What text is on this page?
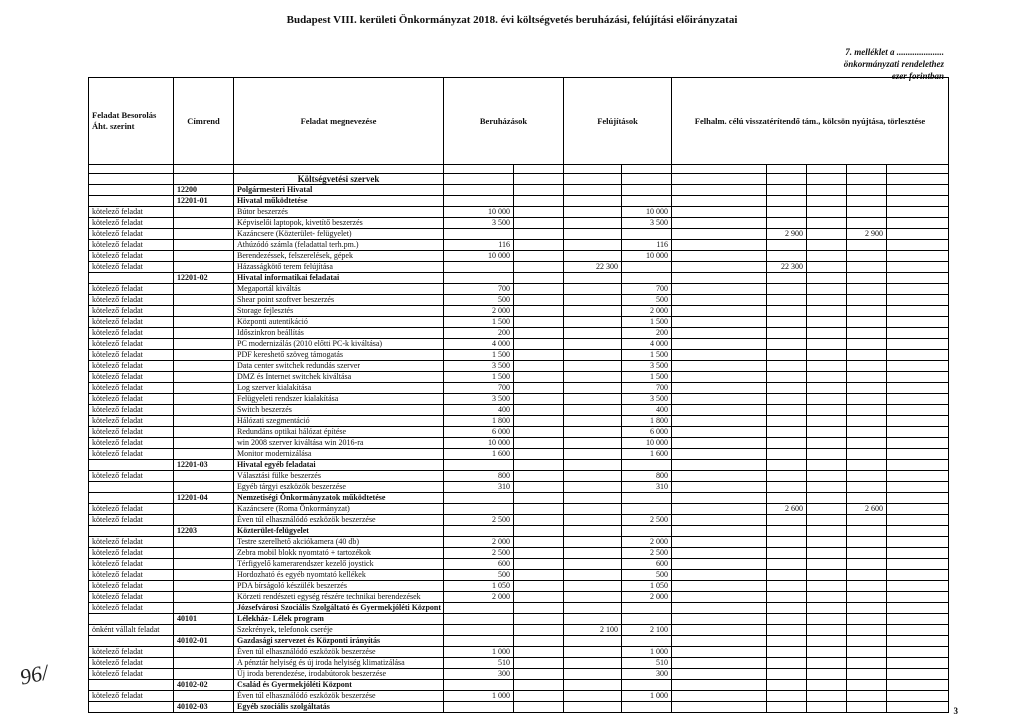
Budapest VIII. kerületi Önkormányzat 2018. évi költségvetés beruházási, felújítási előirányzatai
7. melléklet a .....................
önkormányzati rendelethez
ezer forintban
Feladat Besorolás Áht. szerint	Címrend	Feladat megnevezése	Beruházások		Felújítások		Felhalm. célú visszatérítendő tám., kölcsön nyújtása, törlesztése				

		Költségvetési szervek									
	12200	Polgármesteri Hivatal									
	12201-01	Hivatal működtetése									
kötelező feladat		Bútor beszerzés	10 000			10 000					
kötelező feladat		Képviselői laptopok, kivetítő beszerzés	3 500			3 500					
kötelező feladat		Kazáncsere (Közterület- felügyelet)						2 900		2 900	
kötelező feladat		Athúzódó számla (feladattal terh.pm.)	116			116					
kötelező feladat		Berendezéssek, felszerelések, gépek	10 000			10 000					
kötelező feladat		Házasságkötő terem felújítása			22 300			22 300			
	12201-02	Hivatal informatikai feladatai									
kötelező feladat		Megaportál kiváltás	700			700					
kötelező feladat		Shear point szoftver beszerzés	500			500					
kötelező feladat		Storage fejlesztés	2 000			2 000					
kötelező feladat		Központi autentikáció	1 500			1 500					
kötelező feladat		Időszinkron beállítás	200			200					
kötelező feladat		PC modernizálás (2010 előtti PC-k kiváltása)	4 000			4 000					
kötelező feladat		PDF kereshető szöveg támogatás	1 500			1 500					
kötelező feladat		Data center switchek redundás szerver	3 500			3 500					
kötelező feladat		DMZ és Internet switchek kiváltása	1 500			1 500					
kötelező feladat		Log szerver kialakítása	700			700					
kötelező feladat		Felügyeleti rendszer kialakítása	3 500			3 500					
kötelező feladat		Switch beszerzés	400			400					
kötelező feladat		Hálózati szegmentáció	1 800			1 800					
kötelező feladat		Redundáns optikai hálózat építése	6 000			6 000					
kötelező feladat		win 2008 szerver kiváltása win 2016-ra	10 000			10 000					
kötelező feladat		Monitor modernizálása	1 600			1 600					
	12201-03	Hivatal egyéb feladatai									
kötelező feladat		Választási fülke beszerzés	800			800					
		Egyéb tárgyi eszközök beszerzése	310			310					
	12201-04	Nemzetiségi Önkormányzatok működtetése									
kötelező feladat		Kazáncsere (Roma Önkormányzat)						2 600		2 600	
kötelező feladat		Éven túl elhasználódó eszközök beszerzése	2 500			2 500					
	12203	Közterület-felügyelet									
kötelező feladat		Testre szerelhető akciókamera (40 db)	2 000			2 000					
kötelező feladat		Zebra mobil blokk nyomtató + tartozékok	2 500			2 500					
kötelező feladat		Térfigyelő kamerarendszer kezelő joystick	600			600					
kötelező feladat		Hordozható és egyéb nyomtató kellékek	500			500					
kötelező feladat		PDA bírságoló készülék beszerzés	1 050			1 050					
kötelező feladat		Körzeti rendészeti egység részére technikai berendezések	2 000			2 000					
kötelező feladat		Józsefvárosi Szociális Szolgáltató és Gyermekjóléti Központ									
	40101	Lélekház- Lélek program									
önként vállalt feladat		Szekrények, telefonok cseréje			2 100	2 100					
	40102-01	Gazdasági szervezet és Központi irányítás									
kötelező feladat		Éven túl elhasználódó eszközök beszerzése	1 000			1 000					
kötelező feladat		A pénztár helyiség és új iroda helyiség klimatizálása	510			510					
kötelező feladat		Új iroda berendezése, irodabútorok beszerzése	300			300					
	40102-02	Család és Gyermekjóléti Központ									
kötelező feladat		Éven túl elhasználódó eszközök beszerzése	1 000			1 000					
	40102-03	Egyéb szociális szolgáltatás									
96/
3
